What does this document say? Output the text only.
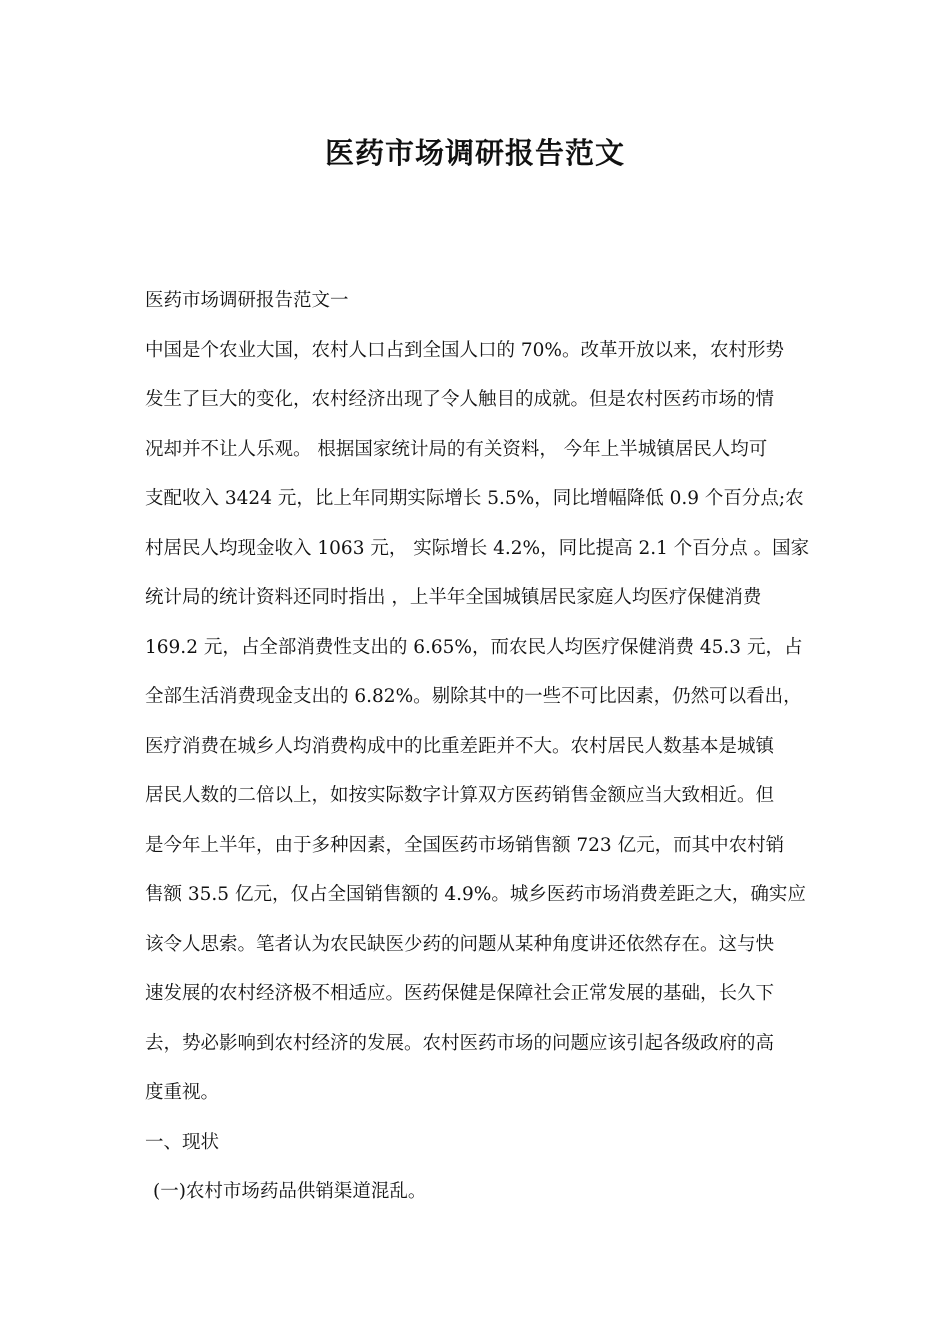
医药市场调研报告范文
医药市场调研报告范文一
中国是个农业大国，农村人口占到全国人口的 70%。改革开放以来，农村形势
发生了巨大的变化，农村经济出现了令人触目的成就。但是农村医药市场的情
况却并不让人乐观。 根据国家统计局的有关资料， 今年上半城镇居民人均可
支配收入 3424 元，比上年同期实际增长 5.5%，同比增幅降低 0.9 个百分点;农
村居民人均现金收入 1063 元， 实际增长 4.2%，同比提高 2.1 个百分点 。国家
统计局的统计资料还同时指出 ，上半年全国城镇居民家庭人均医疗保健消费
169.2 元，占全部消费性支出的 6.65%，而农民人均医疗保健消费 45.3 元，占
全部生活消费现金支出的 6.82%。剔除其中的一些不可比因素，仍然可以看出，
医疗消费在城乡人均消费构成中的比重差距并不大。农村居民人数基本是城镇
居民人数的二倍以上，如按实际数字计算双方医药销售金额应当大致相近。但
是今年上半年，由于多种因素，全国医药市场销售额 723 亿元，而其中农村销
售额 35.5 亿元，仅占全国销售额的 4.9%。城乡医药市场消费差距之大，确实应
该令人思索。笔者认为农民缺医少药的问题从某种角度讲还依然存在。这与快
速发展的农村经济极不相适应。医药保健是保障社会正常发展的基础，长久下
去，势必影响到农村经济的发展。农村医药市场的问题应该引起各级政府的高
度重视。
一、现状
(一)农村市场药品供销渠道混乱。
